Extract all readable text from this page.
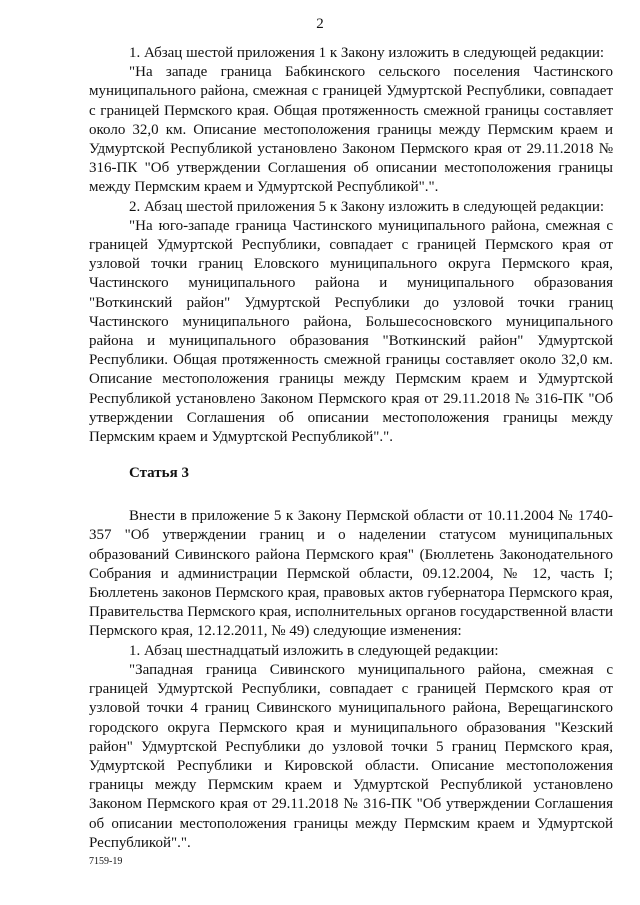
2

1. Абзац шестой приложения 1 к Закону изложить в следующей редакции:

"На западе граница Бабкинского сельского поселения Частинского муниципального района, смежная с границей Удмуртской Республики, совпадает с границей Пермского края. Общая протяженность смежной границы составляет около 32,0 км. Описание местоположения границы между Пермским краем и Удмуртской Республикой установлено Законом Пермского края от 29.11.2018 № 316-ПК "Об утверждении Соглашения об описании местоположения границы между Пермским краем и Удмуртской Республикой".".

2. Абзац шестой приложения 5 к Закону изложить в следующей редакции:

"На юго-западе граница Частинского муниципального района, смежная с границей Удмуртской Республики, совпадает с границей Пермского края от узловой точки границ Еловского муниципального округа Пермского края, Частинского муниципального района и муниципального образования "Воткинский район" Удмуртской Республики до узловой точки границ Частинского муниципального района, Большесосновского муниципального района и муниципального образования "Воткинский район" Удмуртской Республики. Общая протяженность смежной границы составляет около 32,0 км. Описание местоположения границы между Пермским краем и Удмуртской Республикой установлено Законом Пермского края от 29.11.2018 № 316-ПК "Об утверждении Соглашения об описании местоположения границы между Пермским краем и Удмуртской Республикой".".

Статья 3

Внести в приложение 5 к Закону Пермской области от 10.11.2004 № 1740-357 "Об утверждении границ и о наделении статусом муниципальных образований Сивинского района Пермского края" (Бюллетень Законодательного Собрания и администрации Пермской области, 09.12.2004, № 12, часть I; Бюллетень законов Пермского края, правовых актов губернатора Пермского края, Правительства Пермского края, исполнительных органов государственной власти Пермского края, 12.12.2011, № 49) следующие изменения:

1. Абзац шестнадцатый изложить в следующей редакции:

"Западная граница Сивинского муниципального района, смежная с границей Удмуртской Республики, совпадает с границей Пермского края от узловой точки 4 границ Сивинского муниципального района, Верещагинского городского округа Пермского края и муниципального образования "Кезский район" Удмуртской Республики до узловой точки 5 границ Пермского края, Удмуртской Республики и Кировской области. Описание местоположения границы между Пермским краем и Удмуртской Республикой установлено Законом Пермского края от 29.11.2018 № 316-ПК "Об утверждении Соглашения об описании местоположения границы между Пермским краем и Удмуртской Республикой".".

7159-19
